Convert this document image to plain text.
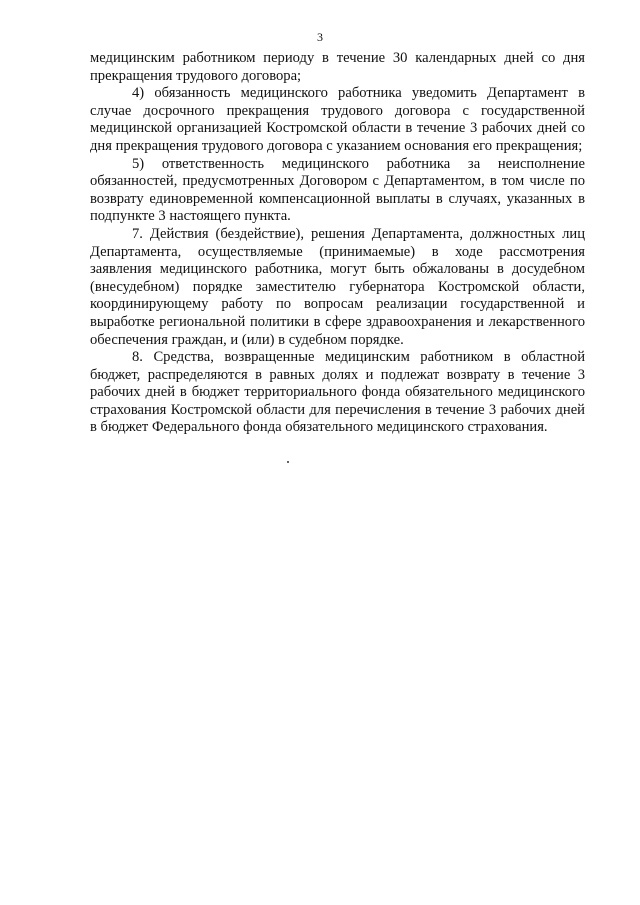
3

медицинским работником периоду в течение 30 календарных дней со дня прекращения трудового договора;

4) обязанность медицинского работника уведомить Департамент в случае досрочного прекращения трудового договора с государственной медицинской организацией Костромской области в течение 3 рабочих дней со дня прекращения трудового договора с указанием основания его прекращения;

5) ответственность медицинского работника за неисполнение обязанностей, предусмотренных Договором с Департаментом, в том числе по возврату единовременной компенсационной выплаты в случаях, указанных в подпункте 3 настоящего пункта.

7. Действия (бездействие), решения Департамента, должностных лиц Департамента, осуществляемые (принимаемые) в ходе рассмотрения заявления медицинского работника, могут быть обжалованы в досудебном (внесудебном) порядке заместителю губернатора Костромской области, координирующему работу по вопросам реализации государственной и выработке региональной политики в сфере здравоохранения и лекарственного обеспечения граждан, и (или) в судебном порядке.

8. Средства, возвращенные медицинским работником в областной бюджет, распределяются в равных долях и подлежат возврату в течение 3 рабочих дней в бюджет территориального фонда обязательного медицинского страхования Костромской области для перечисления в течение 3 рабочих дней в бюджет Федерального фонда обязательного медицинского страхования.
